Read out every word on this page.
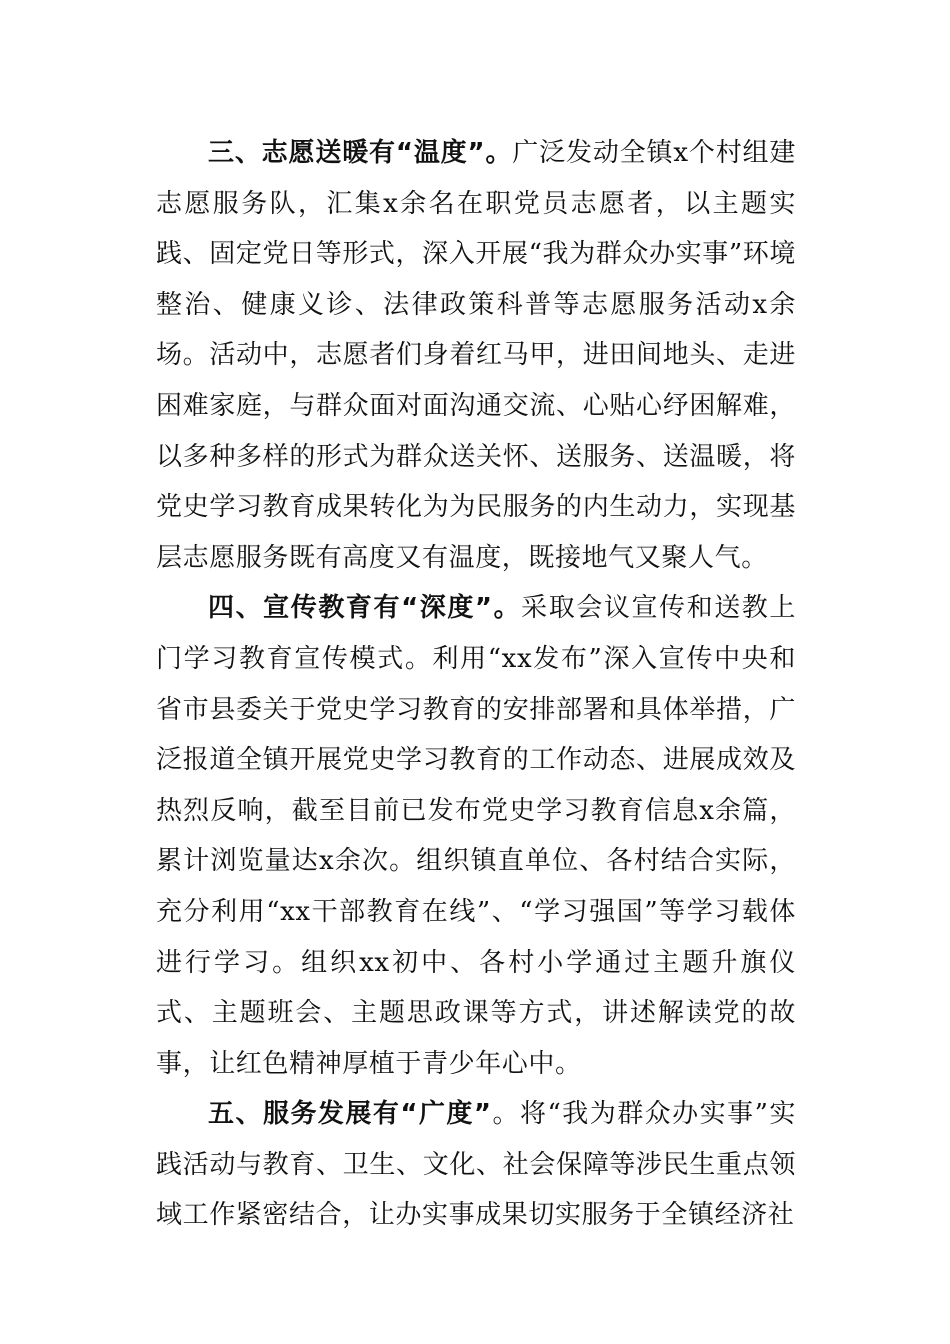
三、志愿送暖有“温度”。广泛发动全镇x个村组建志愿服务队，汇集x余名在职党员志愿者，以主题实践、固定党日等形式，深入开展“我为群众办实事”环境整治、健康义诊、法律政策科普等志愿服务活动x余场。活动中，志愿者们身着红马甲，进田间地头、走进困难家庭，与群众面对面沟通交流、心贴心纾困解难，以多种多样的形式为群众送关怀、送服务、送温暖，将党史学习教育成果转化为为民服务的内生动力，实现基层志愿服务既有高度又有温度，既接地气又聚人气。

四、宣传教育有“深度”。采取会议宣传和送教上门学习教育宣传模式。利用“xx发布”深入宣传中央和省市县委关于党史学习教育的安排部署和具体举措，广泛报道全镇开展党史学习教育的工作动态、进展成效及热烈反响，截至目前已发布党史学习教育信息x余篇，累计浏览量达x余次。组织镇直单位、各村结合实际，充分利用“xx干部教育在线”、“学习强国”等学习载体进行学习。组织xx初中、各村小学通过主题升旗仪式、主题班会、主题思政课等方式，讲述解读党的故事，让红色精神厚植于青少年心中。

五、服务发展有“广度”。将“我为群众办实事”实践活动与教育、卫生、文化、社会保障等涉民生重点领域工作紧密结合，让办实事成果切实服务于全镇经济社
